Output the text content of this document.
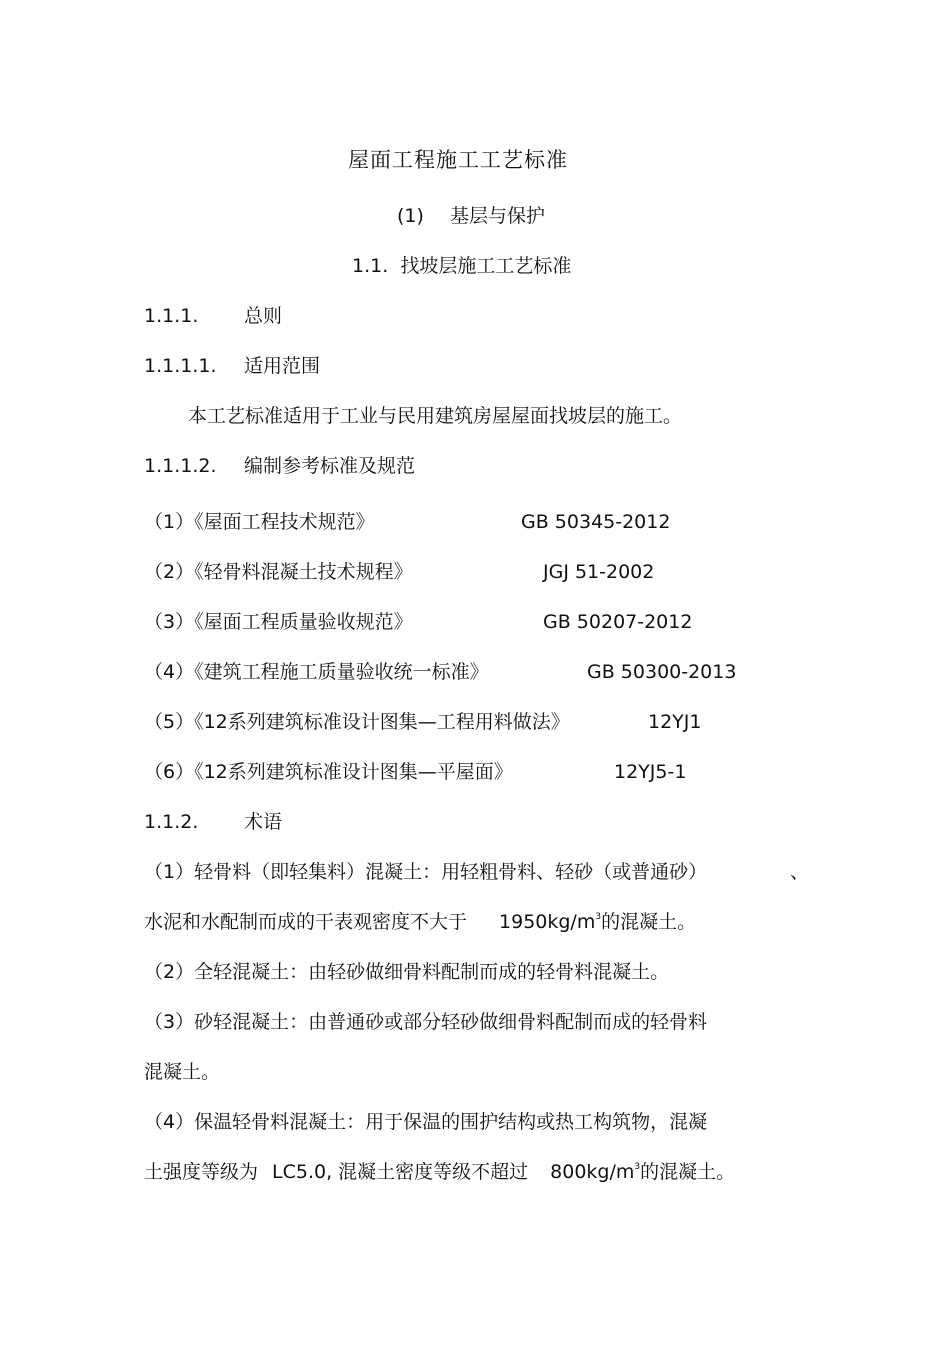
屋面工程施工工艺标准
(1) 基层与保护
1.1. 找坡层施工工艺标准
1.1.1. 总则
1.1.1.1. 适用范围
本工艺标准适用于工业与民用建筑房屋屋面找坡层的施工。
1.1.1.2. 编制参考标准及规范
（1）《屋面工程技术规范》	GB 50345-2012
（2）《轻骨料混凝土技术规程》	JGJ 51-2002
（3）《屋面工程质量验收规范》	GB 50207-2012
（4）《建筑工程施工质量验收统一标准》	GB 50300-2013
（5）《12系列建筑标准设计图集—工程用料做法》	12YJ1
（6）《12系列建筑标准设计图集—平屋面》	12YJ5-1
1.1.2. 术语
（1）轻骨料（即轻集料）混凝土：用轻粗骨料、轻砂（或普通砂）	、
水泥和水配制而成的干表观密度不大于 $1950kg/m^3$的混凝土。
（2）全轻混凝土：由轻砂做细骨料配制而成的轻骨料混凝土。
（3）砂轻混凝土：由普通砂或部分轻砂做细骨料配制而成的轻骨料
混凝土。
（4）保温轻骨料混凝土：用于保温的围护结构或热工构筑物，混凝
土强度等级为 LC5.0, 混凝土密度等级不超过 $800kg/m^3$的混凝土。
